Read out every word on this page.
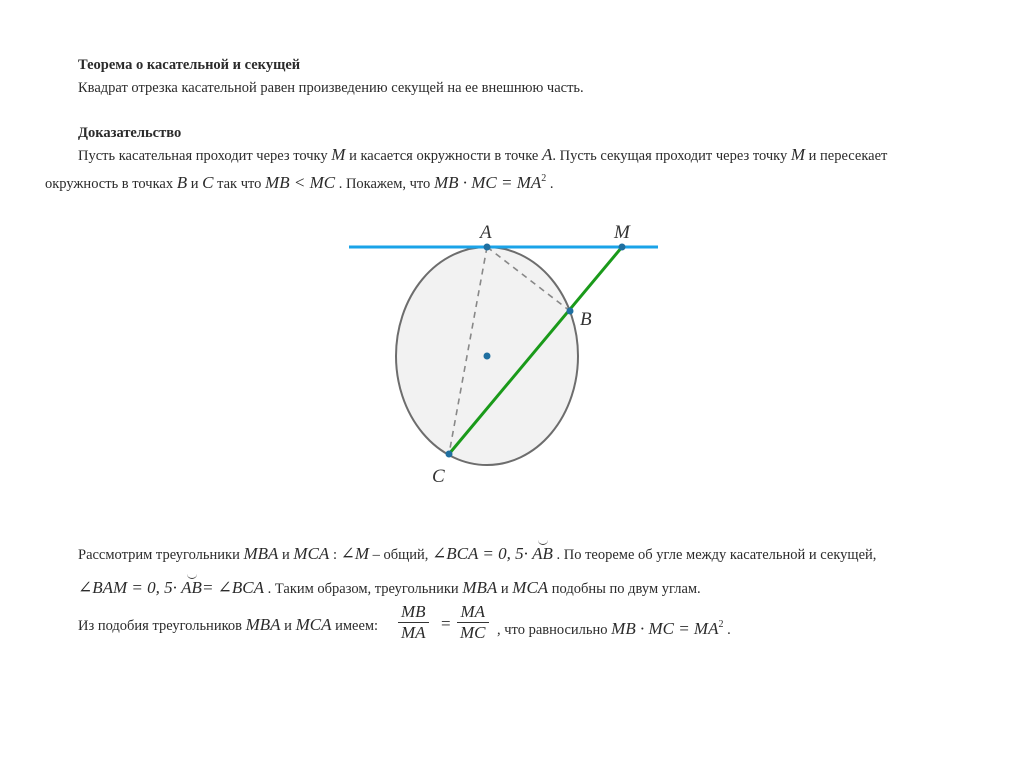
Теорема о касательной и секущей
Квадрат отрезка касательной равен произведению секущей на ее внешнюю часть.
Доказательство
Пусть касательная проходит через точку M и касается окружности в точке A. Пусть секущая проходит через точку M и пересекает
окружность в точках B и C так что MB < MC . Покажем, что MB · MC = $MA^2$ .
A	M
B
C
Рассмотрим треугольники MBA и MCA : ∠M – общий, ∠BCA = 0, 5· AB . По теореме об угле между касательной и секущей,
∠BAM = 0, 5· AB= ∠BCA . Таким образом, треугольники MBA и MCA подобны по двум углам.
Из подобия треугольников MBA и MCA имеем: $\frac{MB}{MA} = \frac{MA}{MC}$ , что равносильно MB · MC = $MA^2$ .
